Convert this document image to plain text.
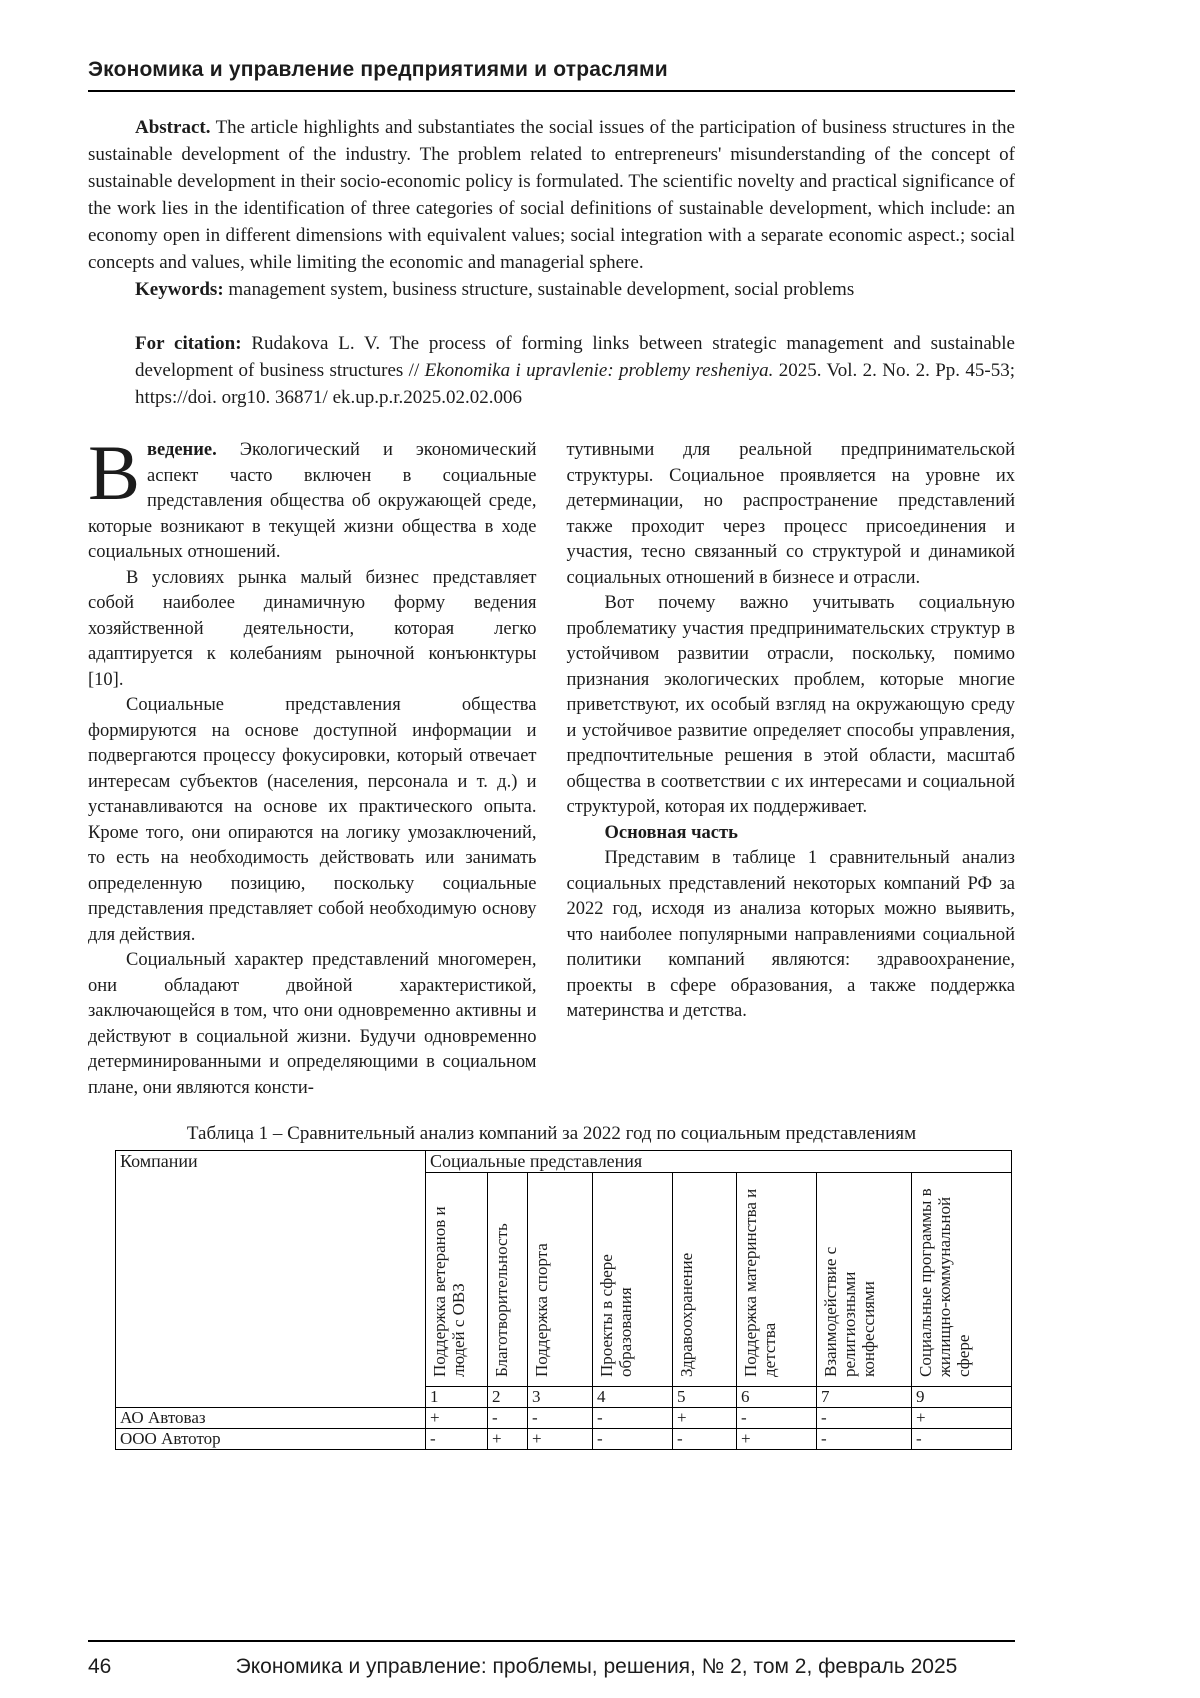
Экономика и управление предприятиями и отраслями

Abstract. The article highlights and substantiates the social issues of the participation of business structures in the sustainable development of the industry. The problem related to entrepreneurs' misunderstanding of the concept of sustainable development in their socio-economic policy is formulated. The scientific novelty and practical significance of the work lies in the identification of three categories of social definitions of sustainable development, which include: an economy open in different dimensions with equivalent values; social integration with a separate economic aspect.; social concepts and values, while limiting the economic and managerial sphere.

Keywords: management system, business structure, sustainable development, social problems

For citation: Rudakova L. V. The process of forming links between strategic management and sustainable development of business structures // Ekonomika i upravlenie: problemy resheniya. 2025. Vol. 2. No. 2. Pp. 45-53; https://doi. org10. 36871/ ek.up.p.r.2025.02.02.006

Введение. Экологический и экономический аспект часто включен в социальные представления общества об окружающей среде, которые возникают в текущей жизни общества в ходе социальных отношений.

В условиях рынка малый бизнес представляет собой наиболее динамичную форму ведения хозяйственной деятельности, которая легко адаптируется к колебаниям рыночной конъюнктуры [10].

Социальные представления общества формируются на основе доступной информации и подвергаются процессу фокусировки, который отвечает интересам субъектов (населения, персонала и т. д.) и устанавливаются на основе их практического опыта. Кроме того, они опираются на логику умозаключений, то есть на необходимость действовать или занимать определенную позицию, поскольку социальные представления представляет собой необходимую основу для действия.

Социальный характер представлений многомерен, они обладают двойной характеристикой, заключающейся в том, что они одновременно активны и действуют в социальной жизни. Будучи одновременно детерминированными и определяющими в социальном плане, они являются консти-

тутивными для реальной предпринимательской структуры. Социальное проявляется на уровне их детерминации, но распространение представлений также проходит через процесс присоединения и участия, тесно связанный со структурой и динамикой социальных отношений в бизнесе и отрасли.

Вот почему важно учитывать социальную проблематику участия предпринимательских структур в устойчивом развитии отрасли, поскольку, помимо признания экологических проблем, которые многие приветствуют, их особый взгляд на окружающую среду и устойчивое развитие определяет способы управления, предпочтительные решения в этой области, масштаб общества в соответствии с их интересами и социальной структурой, которая их поддерживает.

Основная часть

Представим в таблице 1 сравнительный анализ социальных представлений некоторых компаний РФ за 2022 год, исходя из анализа которых можно выявить, что наиболее популярными направлениями социальной политики компаний являются: здравоохранение, проекты в сфере образования, а также поддержка материнства и детства.

Таблица 1 – Сравнительный анализ компаний за 2022 год по социальным представлениям
Компании	Социальные представления							
	Поддержка ветеранов и людей с ОВЗ	Благотворительность	Поддержка спорта	Проекты в сфере образования	Здравоохранение	Поддержка материнства и детства	Взаимодействие с религиозными конфессиями	Социальные программы в жилищно-коммунальной сфере
	1	2	3	4	5	6	7	9
АО Автоваз	+	-	-	-	+	-	-	+
ООО Автотор	-	+	+	-	-	+	-	-
46	Экономика и управление: проблемы, решения, № 2, том 2, февраль 2025
